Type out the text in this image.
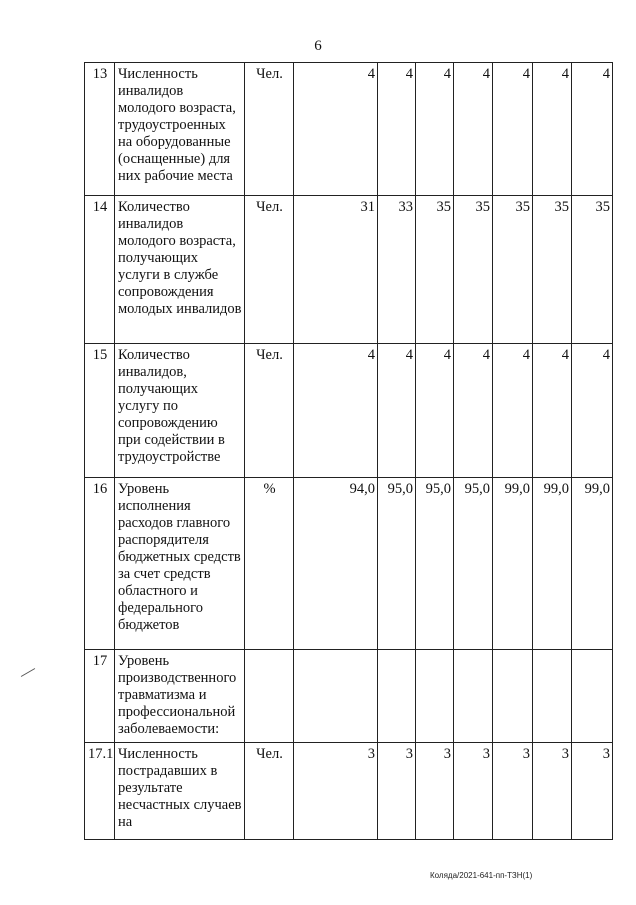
6
13	Численность инвалидов молодого возраста, трудоустроенных на оборудованные (оснащенные) для них рабочие места	Чел.	4	4	4	4	4	4	4
14	Количество инвалидов молодого возраста, получающих услуги в службе сопровождения молодых инвалидов	Чел.	31	33	35	35	35	35	35
15	Количество инвалидов, получающих услугу по сопровождению при содействии в трудоустройстве	Чел.	4	4	4	4	4	4	4
16	Уровень исполнения расходов главного распорядителя бюджетных средств за счет средств областного и федерального бюджетов	%	94,0	95,0	95,0	95,0	99,0	99,0	99,0
17	Уровень производственного травматизма и профессиональной заболеваемости:								
17.1	Численность пострадавших в результате несчастных случаев на	Чел.	3	3	3	3	3	3	3
Коляда/2021-641-пп-ТЗН(1)
